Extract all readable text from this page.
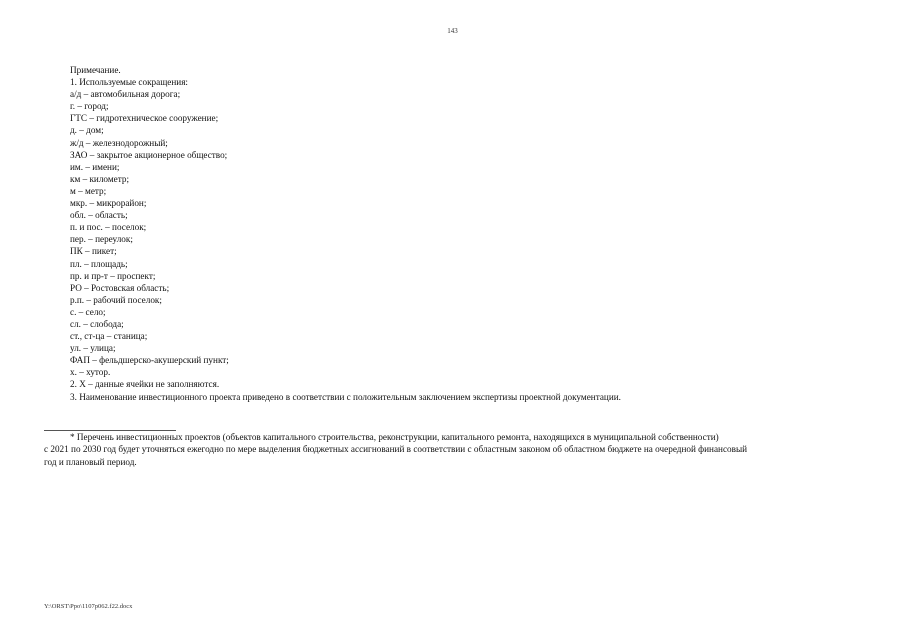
143
Примечание.
1. Используемые сокращения:
а/д – автомобильная дорога;
г. – город;
ГТС – гидротехническое сооружение;
д. – дом;
ж/д – железнодорожный;
ЗАО – закрытое акционерное общество;
им. – имени;
км – километр;
м – метр;
мкр. – микрорайон;
обл. – область;
п. и пос. – поселок;
пер. – переулок;
ПК – пикет;
пл. – площадь;
пр. и пр-т – проспект;
РО – Ростовская область;
р.п. – рабочий поселок;
с. – село;
сл. – слобода;
ст., ст-ца – станица;
ул. – улица;
ФАП – фельдшерско-акушерский пункт;
х. – хутор.
2. Х – данные ячейки не заполняются.
3. Наименование инвестиционного проекта приведено в соответствии с положительным заключением экспертизы проектной документации.
* Перечень инвестиционных проектов (объектов капитального строительства, реконструкции, капитального ремонта, находящихся в муниципальной собственности)
с 2021 по 2030 год будет уточняться ежегодно по мере выделения бюджетных ассигнований в соответствии с областным законом об областном бюджете на очередной финансовый
год и плановый период.
Y:\ORST\Ppo\1107p062.f22.docx
